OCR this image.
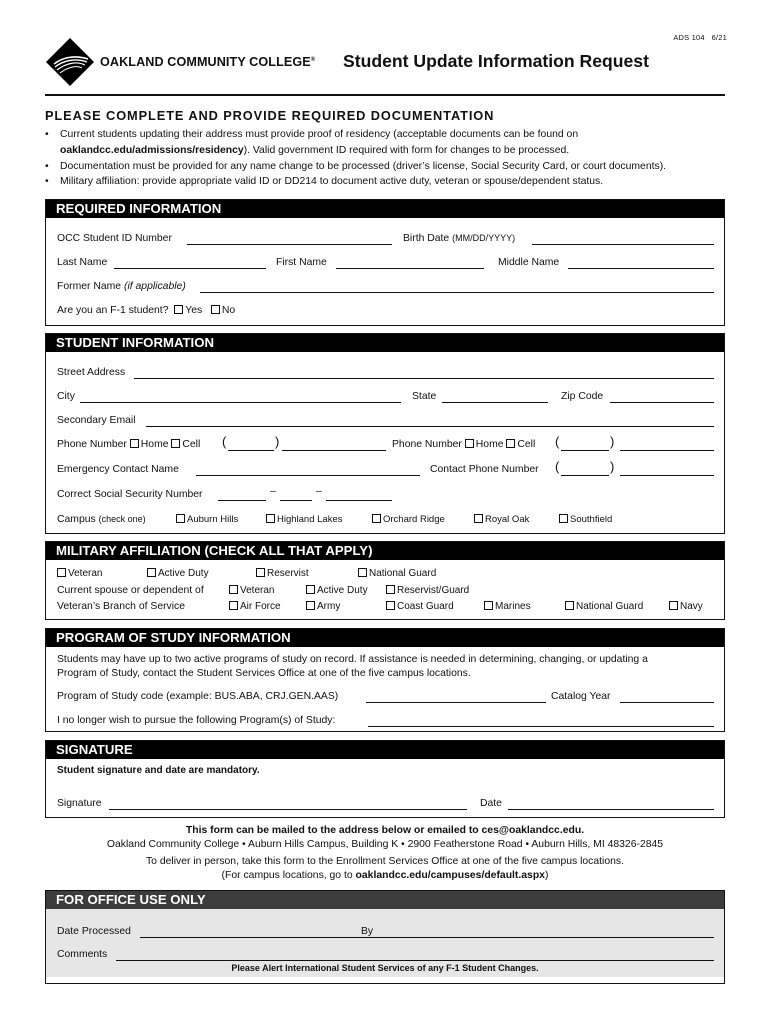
ADS 104 6/21
OAKLAND COMMUNITY COLLEGE® Student Update Information Request
PLEASE COMPLETE AND PROVIDE REQUIRED DOCUMENTATION
• Current students updating their address must provide proof of residency (acceptable documents can be found on
oaklandcc.edu/admissions/residency). Valid government ID required with form for changes to be processed.
• Documentation must be provided for any name change to be processed (driver’s license, Social Security Card, or court documents).
• Military affiliation: provide appropriate valid ID or DD214 to document active duty, veteran or spouse/dependent status.
REQUIRED INFORMATION
OCC Student ID Number	Birth Date (MM/DD/YYYY)
Last Name	First Name	Middle Name
Former Name (if applicable)
Are you an F-1 student? Yes No
STUDENT INFORMATION
Street Address
City	State	Zip Code
Secondary Email
Phone Number Home Cell (	)	Phone Number Home Cell (	)
Emergency Contact Name	Contact Phone Number (	)
Correct Social Security Number	–	–
Campus (check one)	Auburn Hills	Highland Lakes	Orchard Ridge	Royal Oak	Southfield
MILITARY AFFILIATION (CHECK ALL THAT APPLY)
Veteran	Active Duty	Reservist	National Guard
Current spouse or dependent of	Veteran	Active Duty	Reservist/Guard
Veteran’s Branch of Service	Air Force	Army	Coast Guard	Marines	National Guard	Navy
PROGRAM OF STUDY INFORMATION
Students may have up to two active programs of study on record. If assistance is needed in determining, changing, or updating a
Program of Study, contact the Student Services Office at one of the five campus locations.
Program of Study code (example: BUS.ABA, CRJ.GEN.AAS)	Catalog Year
I no longer wish to pursue the following Program(s) of Study:
SIGNATURE
Student signature and date are mandatory.
Signature	Date
This form can be mailed to the address below or emailed to ces@oaklandcc.edu.
Oakland Community College • Auburn Hills Campus, Building K • 2900 Featherstone Road • Auburn Hills, MI 48326-2845
To deliver in person, take this form to the Enrollment Services Office at one of the five campus locations.
(For campus locations, go to oaklandcc.edu/campuses/default.aspx)
FOR OFFICE USE ONLY
Date Processed	By
Comments
Please Alert International Student Services of any F-1 Student Changes.
